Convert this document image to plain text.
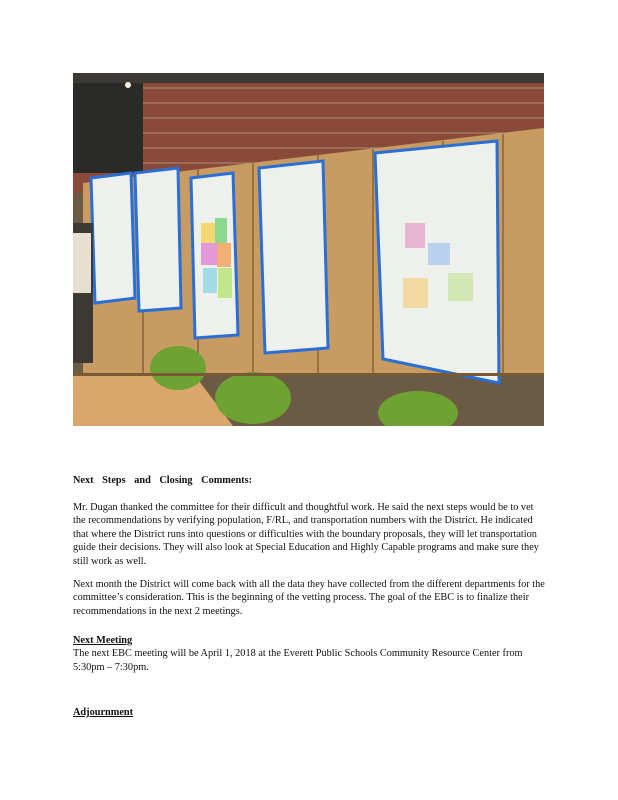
Next Steps and Closing Comments:

Mr. Dugan thanked the committee for their difficult and thoughtful work. He said the next steps would be to vet the recommendations by verifying population, F/RL, and transportation numbers with the District. He indicated that where the District runs into questions or difficulties with the boundary proposals, they will let transportation guide their decisions. They will also look at Special Education and Highly Capable programs and make sure they still work as well.

Next month the District will come back with all the data they have collected from the different departments for the committee’s consideration. This is the beginning of the vetting process. The goal of the EBC is to finalize their recommendations in the next 2 meetings.

Next Meeting

The next EBC meeting will be April 1, 2018 at the Everett Public Schools Community Resource Center from 5:30pm – 7:30pm.

Adjournment
